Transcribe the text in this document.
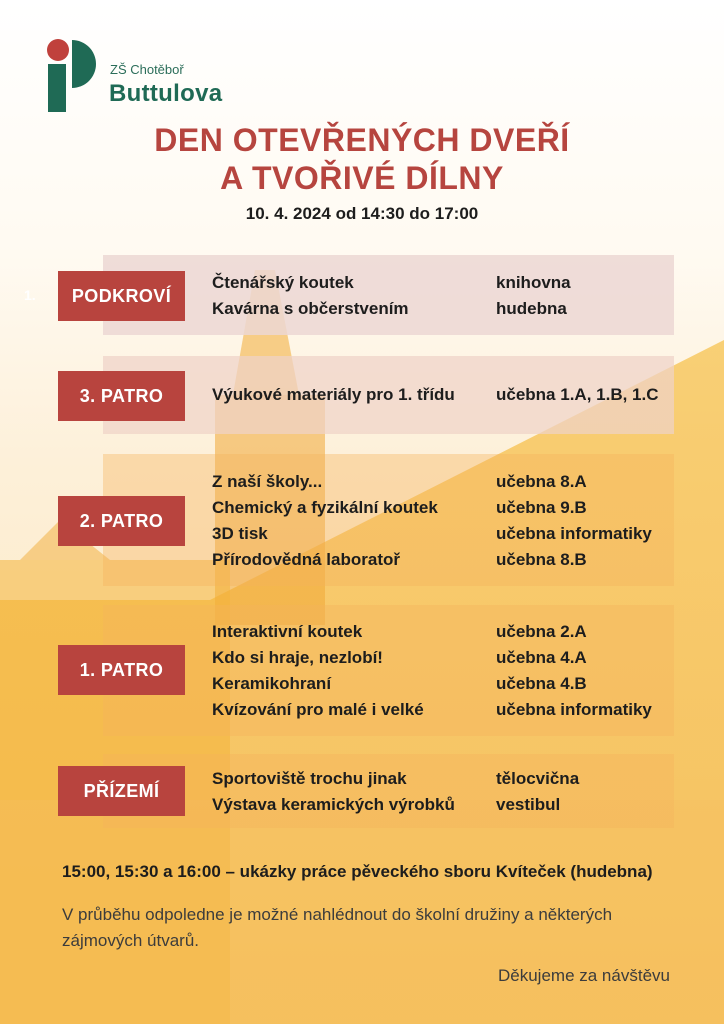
ZŠ Chotěboř
Buttulova
DEN OTEVŘENÝCH DVEŘÍ
A TVOŘIVÉ DÍLNY
10. 4. 2024 od 14:30 do 17:00
1.	PODKROVÍ
3. PATRO
2. PATRO
1. PATRO
PŘÍZEMÍ
Čtenářský koutek
Kavárna s občerstvením
knihovna
hudebna
Výukové materiály pro 1. třídu učebna 1.A, 1.B, 1.C
Z naší školy...
Chemický a fyzikální koutek
3D tisk
Přírodovědná laboratoř
učebna 8.A
učebna 9.B
učebna informatiky
učebna 8.B
Interaktivní koutek
Kdo si hraje, nezlobí!
Keramikohraní
Kvízování pro malé i velké
učebna 2.A
učebna 4.A
učebna 4.B
učebna informatiky
Sportoviště trochu jinak
Výstava keramických výrobků
tělocvična
vestibul
15:00, 15:30 a 16:00 – ukázky práce pěveckého sboru Kvíteček (hudebna)
V průběhu odpoledne je možné nahlédnout do školní družiny a některých zájmových útvarů.
Děkujeme za návštěvu
